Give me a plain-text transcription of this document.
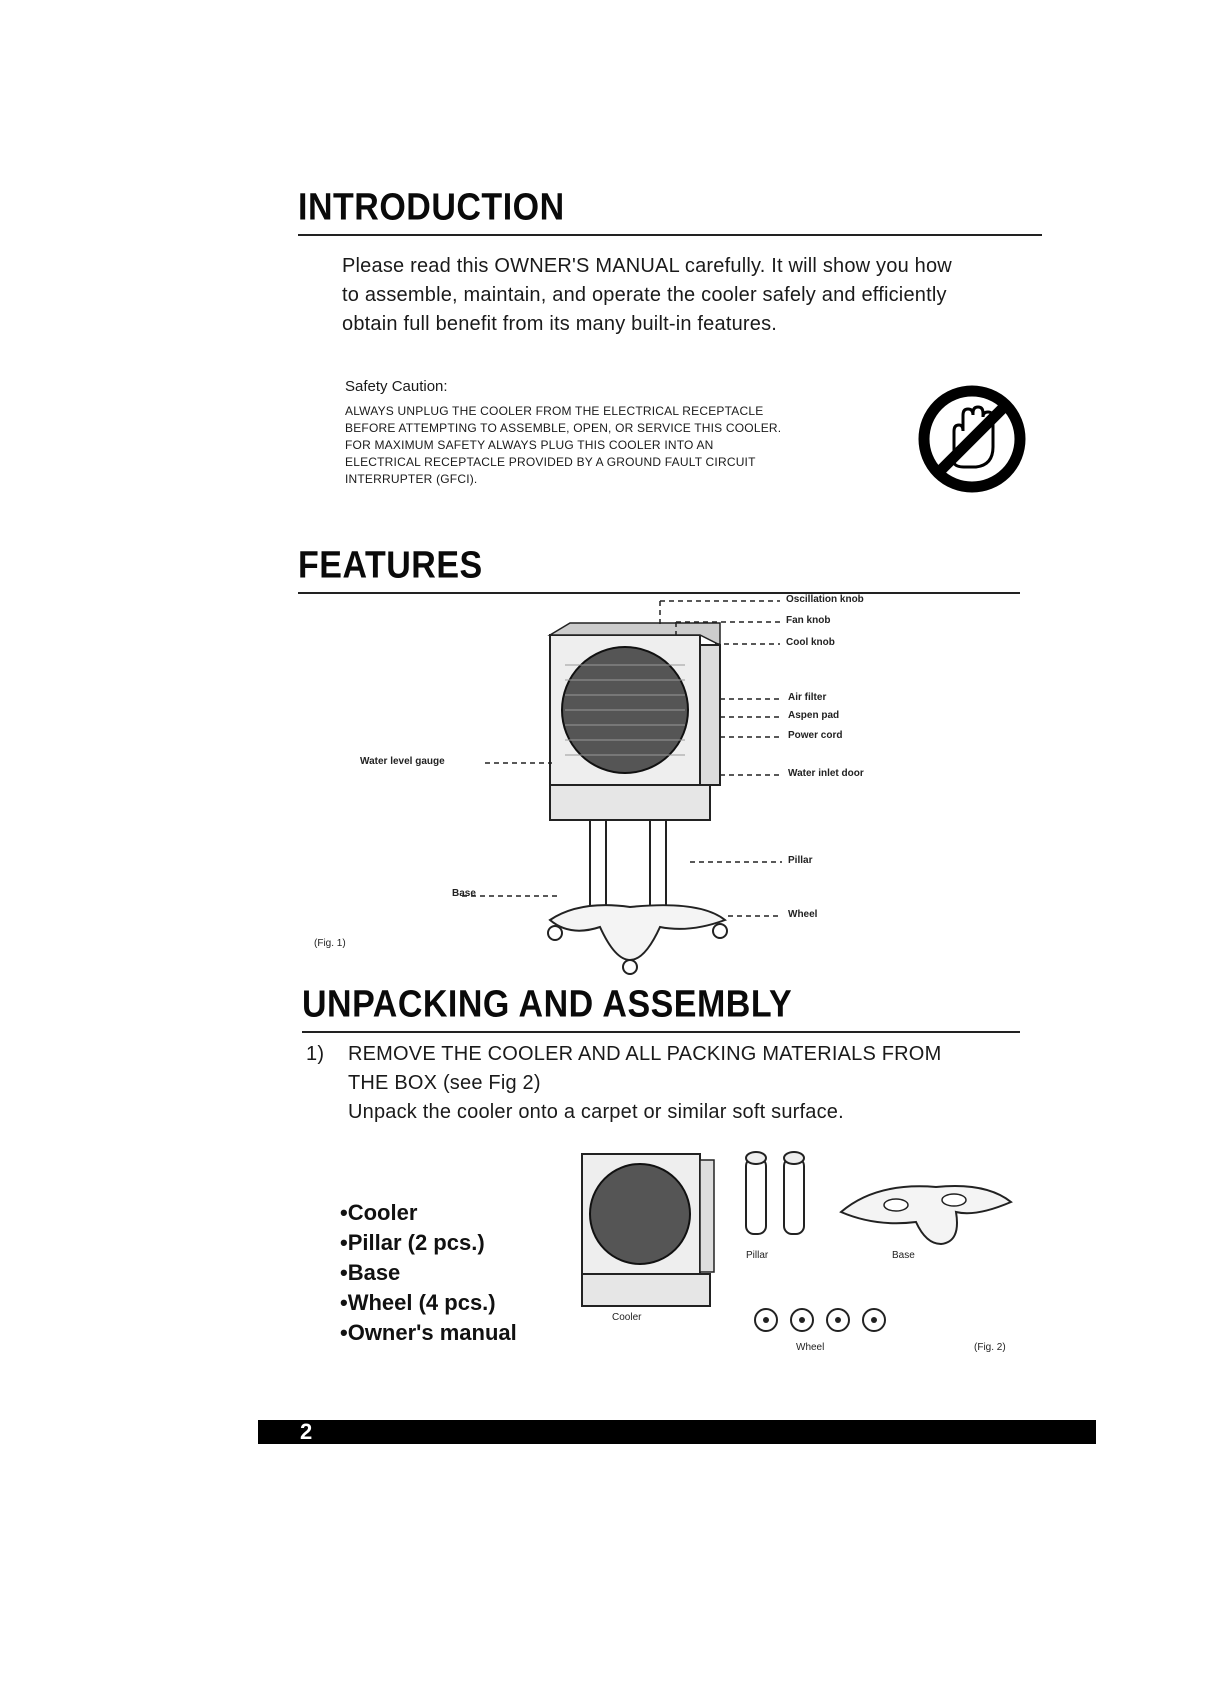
INTRODUCTION
Please read this OWNER'S MANUAL carefully. It will show you how
to assemble, maintain, and operate the cooler safely and efficiently
obtain full benefit from its many built-in features.
Safety Caution:
ALWAYS UNPLUG THE COOLER FROM THE ELECTRICAL RECEPTACLE
BEFORE ATTEMPTING TO ASSEMBLE, OPEN, OR SERVICE THIS COOLER.
FOR MAXIMUM SAFETY ALWAYS PLUG THIS COOLER INTO AN
ELECTRICAL RECEPTACLE PROVIDED BY A GROUND FAULT CIRCUIT
INTERRUPTER (GFCI).
FEATURES
Oscillation knob
Fan knob
Cool knob
Air filter
Aspen pad
Power cord
Water inlet door
Water level gauge
Pillar
Base
Wheel
(Fig. 1)
UNPACKING AND ASSEMBLY
1) REMOVE THE COOLER AND ALL PACKING MATERIALS FROM
THE BOX (see Fig 2)
Unpack the cooler onto a carpet or similar soft surface.
• Cooler
• Pillar (2 pcs.)
• Base
• Wheel (4 pcs.)
• Owner's manual
Cooler
Pillar	Base
Wheel	(Fig. 2)
2
